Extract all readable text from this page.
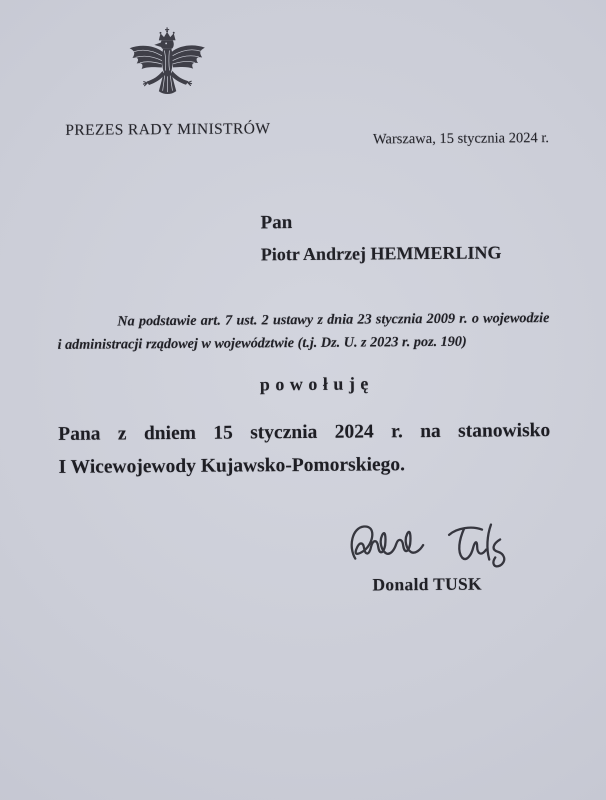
PREZES RADY MINISTRÓW	Warszawa, 15 stycznia 2024 r.
Pan
Piotr Andrzej HEMMERLING
Na podstawie art. 7 ust. 2 ustawy z dnia 23 stycznia 2009 r. o wojewodzie
i administracji rządowej w województwie (t.j. Dz. U. z 2023 r. poz. 190)
powołuję
Pana z dniem 15 stycznia 2024 r. na stanowisko
I Wicewojewody Kujawsko-Pomorskiego.
Donald TUSK
